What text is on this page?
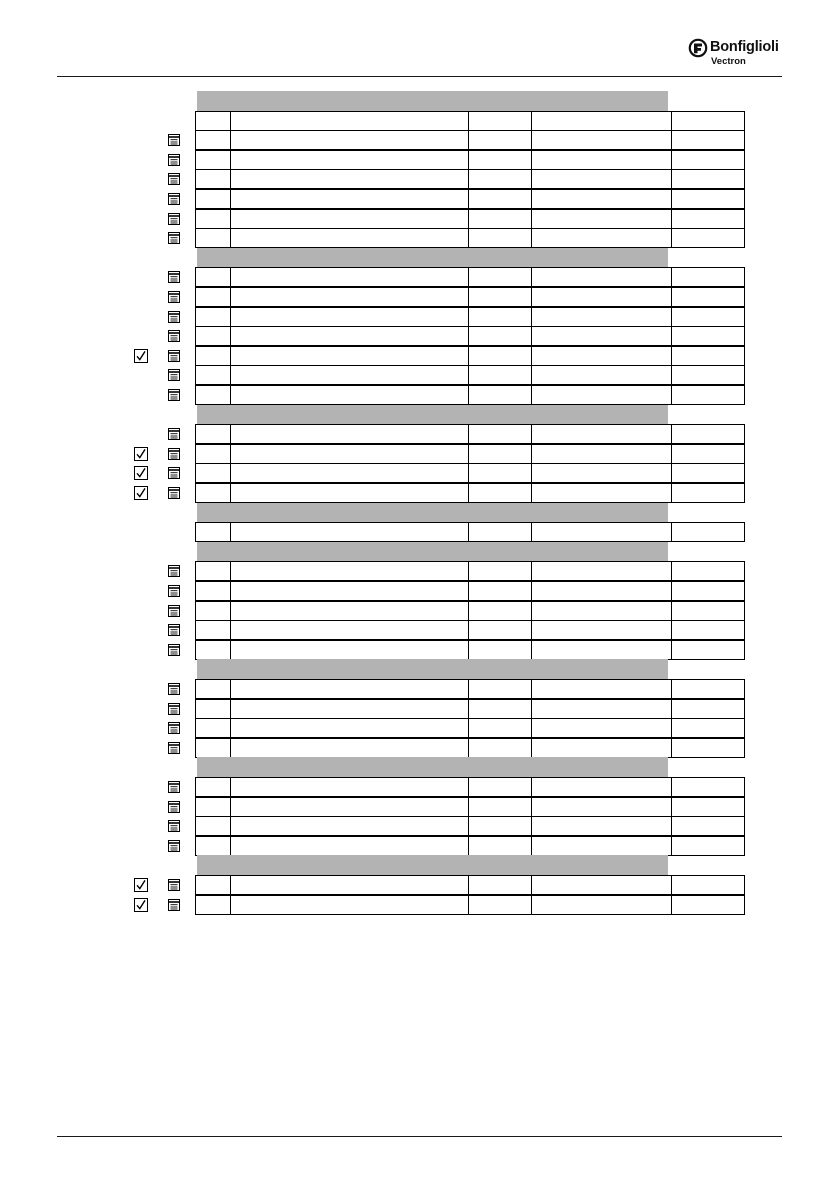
Bonfiglioli
Vectron
